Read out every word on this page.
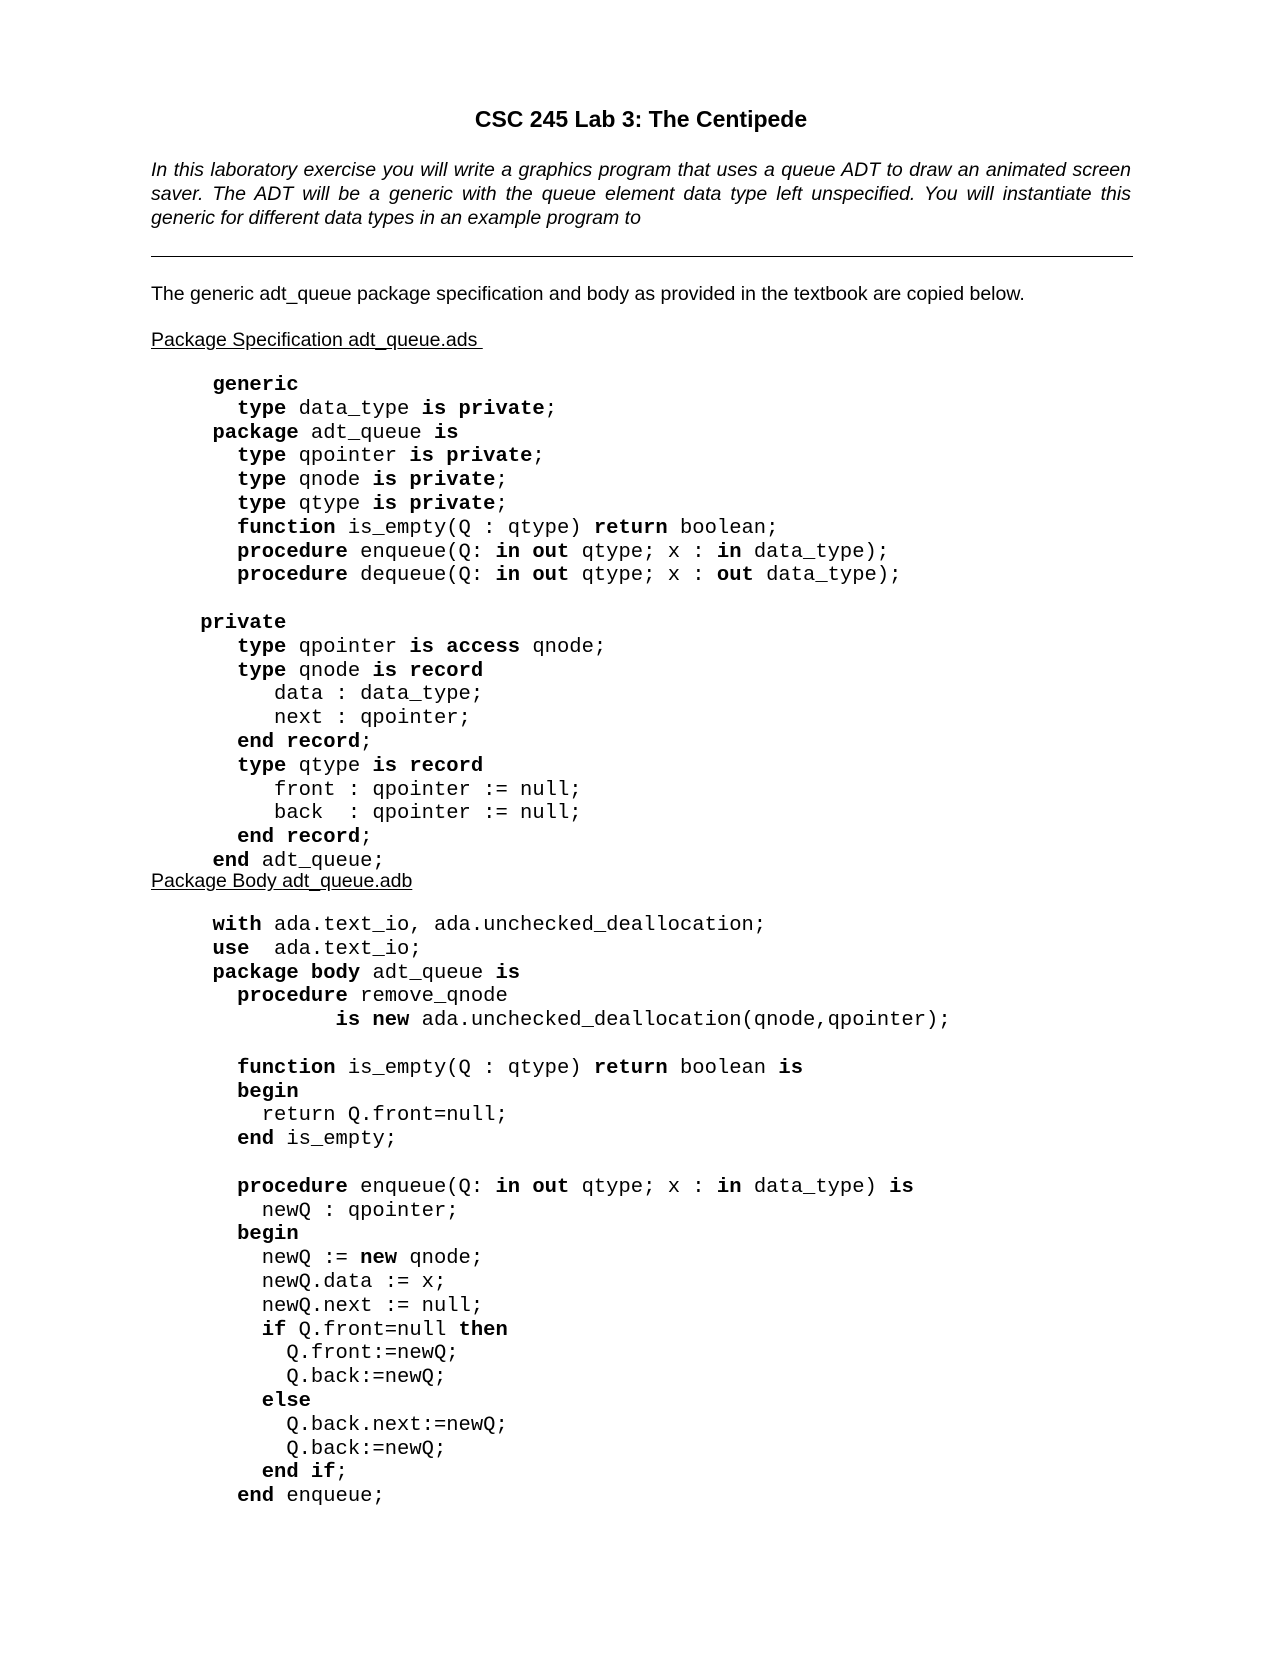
CSC 245 Lab 3: The Centipede

In this laboratory exercise you will write a graphics program that uses a queue ADT to draw an animated screen saver. The ADT will be a generic with the queue element data type left unspecified. You will instantiate this generic for different data types in an example program to

The generic adt_queue package specification and body as provided in the textbook are copied below.

Package Specification adt_queue.ads
generic
type data_type is private;
package adt_queue is
type qpointer is private;
type qnode is private;
type qtype is private;
function is_empty(Q : qtype) return boolean;
procedure enqueue(Q: in out qtype; x : in data_type);
procedure dequeue(Q: in out qtype; x : out data_type);

private
type qpointer is access qnode;
type qnode is record
data : data_type;
next : qpointer;
end record;
type qtype is record
front : qpointer := null;
back  : qpointer := null;
end record;
end adt_queue;
Package Body adt_queue.adb
with ada.text_io, ada.unchecked_deallocation;
use  ada.text_io;
package body adt_queue is
procedure remove_qnode
is new ada.unchecked_deallocation(qnode,qpointer);

function is_empty(Q : qtype) return boolean is
begin
return Q.front=null;
end is_empty;

procedure enqueue(Q: in out qtype; x : in data_type) is
newQ : qpointer;
begin
newQ := new qnode;
newQ.data := x;
newQ.next := null;
if Q.front=null then
Q.front:=newQ;
Q.back:=newQ;
else
Q.back.next:=newQ;
Q.back:=newQ;
end if;
end enqueue;
